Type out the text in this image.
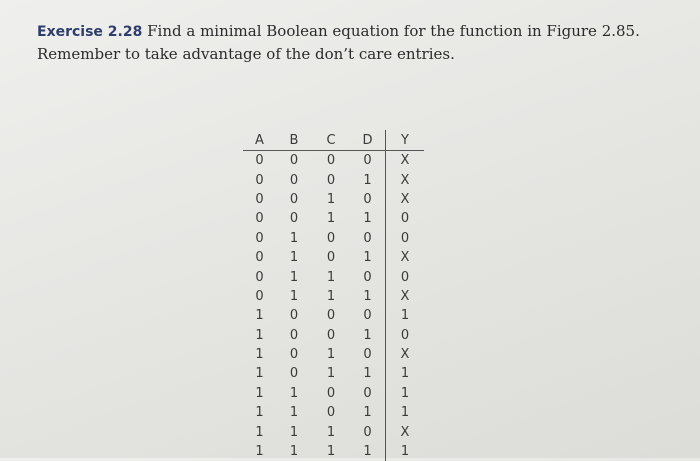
Exercise 2.28 Find a minimal Boolean equation for the function in Figure 2.85.
Remember to take advantage of the don’t care entries.
A	B	C	D	Y
0	0	0	0	X
0	0	0	1	X
0	0	1	0	X
0	0	1	1	0
0	1	0	0	0
0	1	0	1	X
0	1	1	0	0
0	1	1	1	X
1	0	0	0	1
1	0	0	1	0
1	0	1	0	X
1	0	1	1	1
1	1	0	0	1
1	1	0	1	1
1	1	1	0	X
1	1	1	1	1
